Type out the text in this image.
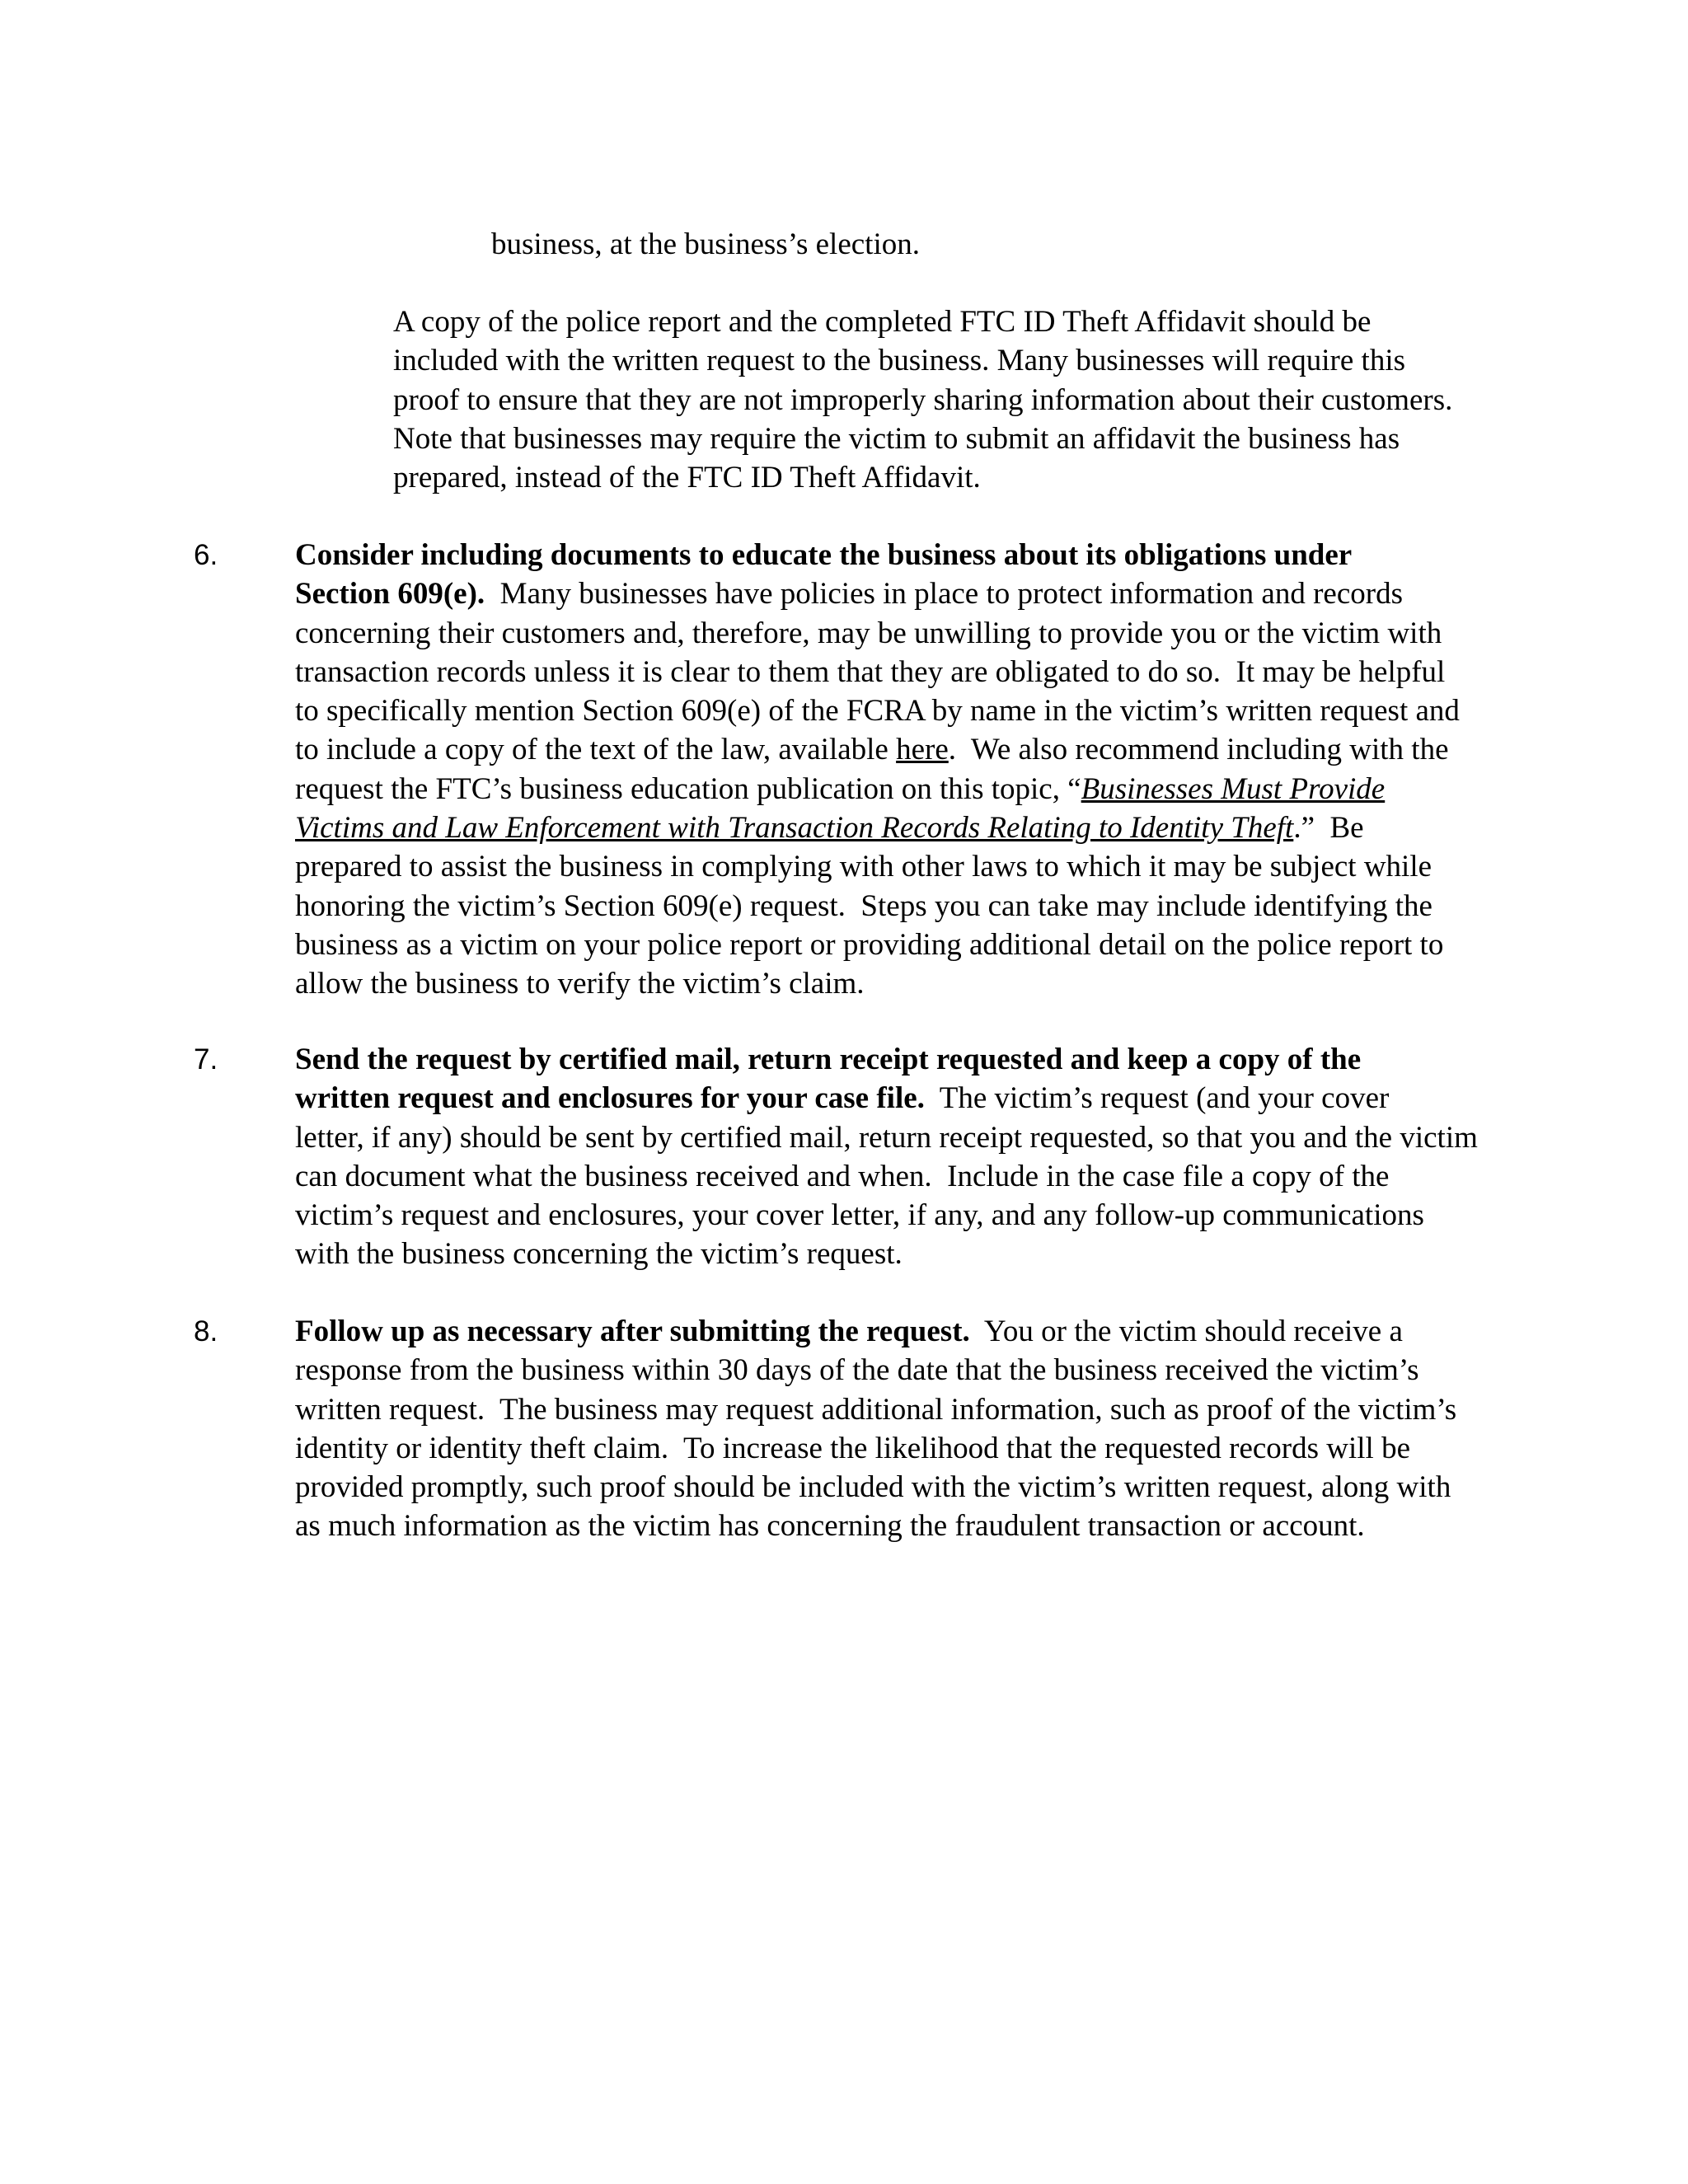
business, at the business’s election.

A copy of the police report and the completed FTC ID Theft Affidavit should be
included with the written request to the business. Many businesses will require this
proof to ensure that they are not improperly sharing information about their customers.
Note that businesses may require the victim to submit an affidavit the business has
prepared, instead of the FTC ID Theft Affidavit.

6.	Consider including documents to educate the business about its obligations under
Section 609(e).  Many businesses have policies in place to protect information and records
concerning their customers and, therefore, may be unwilling to provide you or the victim with
transaction records unless it is clear to them that they are obligated to do so.  It may be helpful
to specifically mention Section 609(e) of the FCRA by name in the victim’s written request and
to include a copy of the text of the law, available here.  We also recommend including with the
request the FTC’s business education publication on this topic, “Businesses Must Provide
Victims and Law Enforcement with Transaction Records Relating to Identity Theft.”  Be
prepared to assist the business in complying with other laws to which it may be subject while
honoring the victim’s Section 609(e) request.  Steps you can take may include identifying the
business as a victim on your police report or providing additional detail on the police report to
allow the business to verify the victim’s claim.

7.	Send the request by certified mail, return receipt requested and keep a copy of the
written request and enclosures for your case file.  The victim’s request (and your cover
letter, if any) should be sent by certified mail, return receipt requested, so that you and the victim
can document what the business received and when.  Include in the case file a copy of the
victim’s request and enclosures, your cover letter, if any, and any follow-up communications
with the business concerning the victim’s request.

8.	Follow up as necessary after submitting the request.  You or the victim should receive a
response from the business within 30 days of the date that the business received the victim’s
written request.  The business may request additional information, such as proof of the victim’s
identity or identity theft claim.  To increase the likelihood that the requested records will be
provided promptly, such proof should be included with the victim’s written request, along with
as much information as the victim has concerning the fraudulent transaction or account.
